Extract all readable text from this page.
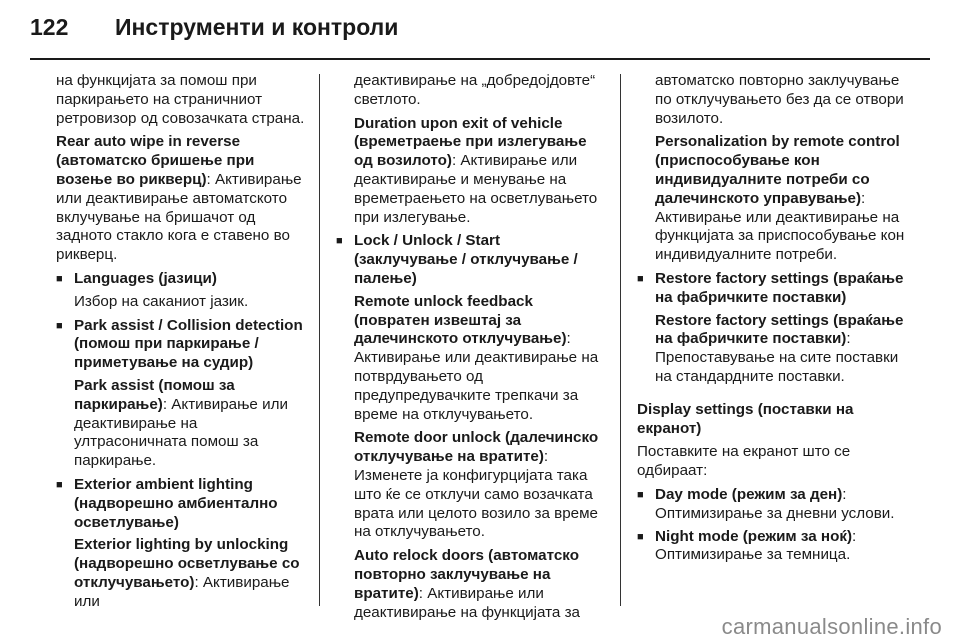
122	Инструменти и контроли

на функцијата за помош при паркирањето на страничниот ретровизор од совозачката страна.

Rear auto wipe in reverse (автоматско бришење при возење во рикверц): Активирање или деактивирање автоматското вклучување на бришачот од задното стакло кога е ставено во рикверц.

■ Languages (јазици)

Избор на саканиот јазик.

■ Park assist / Collision detection (помош при паркирање / приметување на судир)

Park assist (помош за паркирање): Активирање или деактивирање на ултрасоничната помош за паркирање.

■ Exterior ambient lighting (надворешно амбиентално осветлување)

Exterior lighting by unlocking (надворешно осветлување со отклучувањето): Активирање или

деактивирање на „добредојдовте“ светлото.

Duration upon exit of vehicle (времетраење при излегување од возилото): Активирање или деактивирање и менување на времетраењето на осветлувањето при излегување.

■ Lock / Unlock / Start (заклучување / отклучување / палење)

Remote unlock feedback (повратен извештај за далечинското отклучување): Активирање или деактивирање на потврдувањето од предупредувачките трепкачи за време на отклучувањето.

Remote door unlock (далечинско отклучување на вратите): Изменете ја конфигурцијата така што ќе се отклучи само возачката врата или целото возило за време на отклучувањето.

Auto relock doors (автоматско повторно заклучување на вратите): Активирање или деактивирање на функцијата за

автоматско повторно заклучување по отклучувањето без да се отвори возилото.

Personalization by remote control (приспособување кон индивидуалните потреби со далечинското управување): Активирање или деактивирање на функцијата за приспособување кон индивидуалните потреби.

■ Restore factory settings (враќање на фабричките поставки)

Restore factory settings (враќање на фабричките поставки): Препоставување на сите поставки на стандардните поставки.

Display settings (поставки на екранот)

Поставките на екранот што се одбираат:

■ Day mode (режим за ден): Оптимизирање за дневни услови.
■ Night mode (режим за ноќ): Оптимизирање за темница.
carmanualsonline.info
